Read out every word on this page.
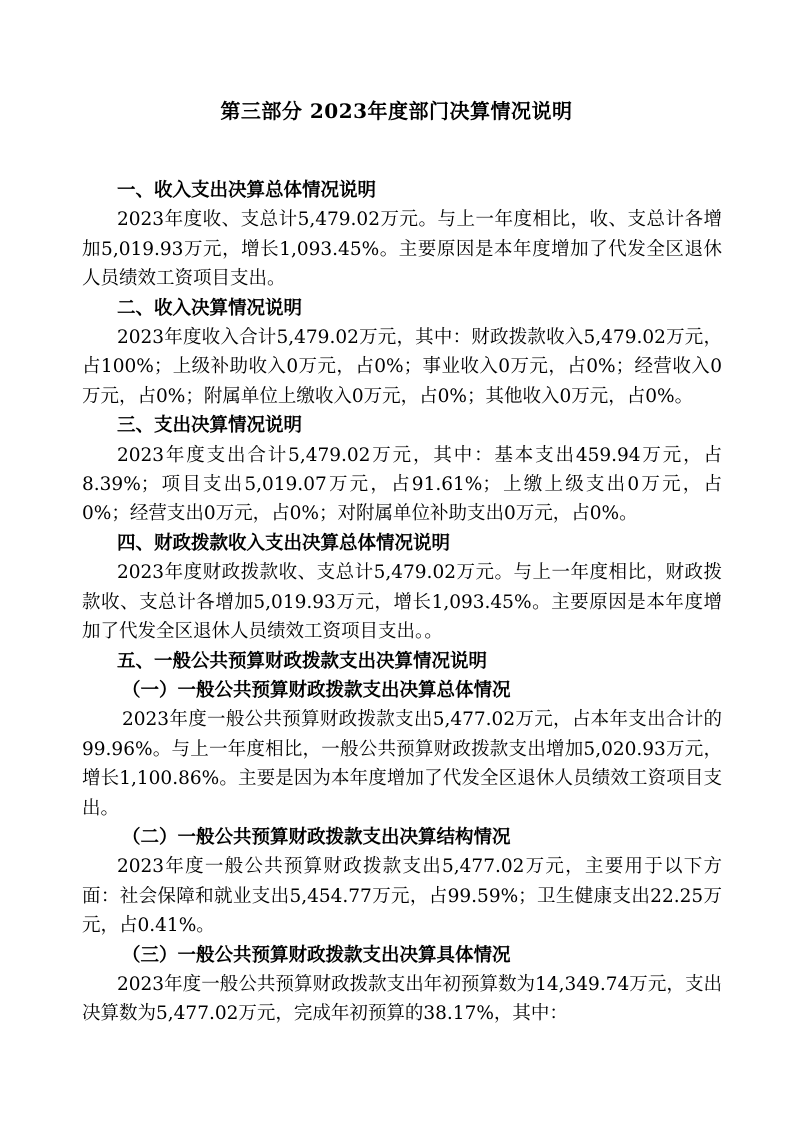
第三部分 2023年度部门决算情况说明

一、收入支出决算总体情况说明

2023年度收、支总计5,479.02万元。与上一年度相比，收、支总计各增加5,019.93万元，增长1,093.45%。主要原因是本年度增加了代发全区退休人员绩效工资项目支出。

二、收入决算情况说明

2023年度收入合计5,479.02万元，其中：财政拨款收入5,479.02万元，占100%；上级补助收入0万元，占0%；事业收入0万元，占0%；经营收入0万元，占0%；附属单位上缴收入0万元，占0%；其他收入0万元，占0%。

三、支出决算情况说明

2023年度支出合计5,479.02万元，其中：基本支出459.94万元，占8.39%；项目支出5,019.07万元，占91.61%；上缴上级支出0万元，占0%；经营支出0万元，占0%；对附属单位补助支出0万元，占0%。

四、财政拨款收入支出决算总体情况说明

2023年度财政拨款收、支总计5,479.02万元。与上一年度相比，财政拨款收、支总计各增加5,019.93万元，增长1,093.45%。主要原因是本年度增加了代发全区退休人员绩效工资项目支出。。

五、一般公共预算财政拨款支出决算情况说明

（一）一般公共预算财政拨款支出决算总体情况

2023年度一般公共预算财政拨款支出5,477.02万元，占本年支出合计的99.96%。与上一年度相比，一般公共预算财政拨款支出增加5,020.93万元，增长1,100.86%。主要是因为本年度增加了代发全区退休人员绩效工资项目支出。

（二）一般公共预算财政拨款支出决算结构情况

2023年度一般公共预算财政拨款支出5,477.02万元，主要用于以下方面：社会保障和就业支出5,454.77万元，占99.59%；卫生健康支出22.25万元，占0.41%。

（三）一般公共预算财政拨款支出决算具体情况

2023年度一般公共预算财政拨款支出年初预算数为14,349.74万元，支出决算数为5,477.02万元，完成年初预算的38.17%，其中：
